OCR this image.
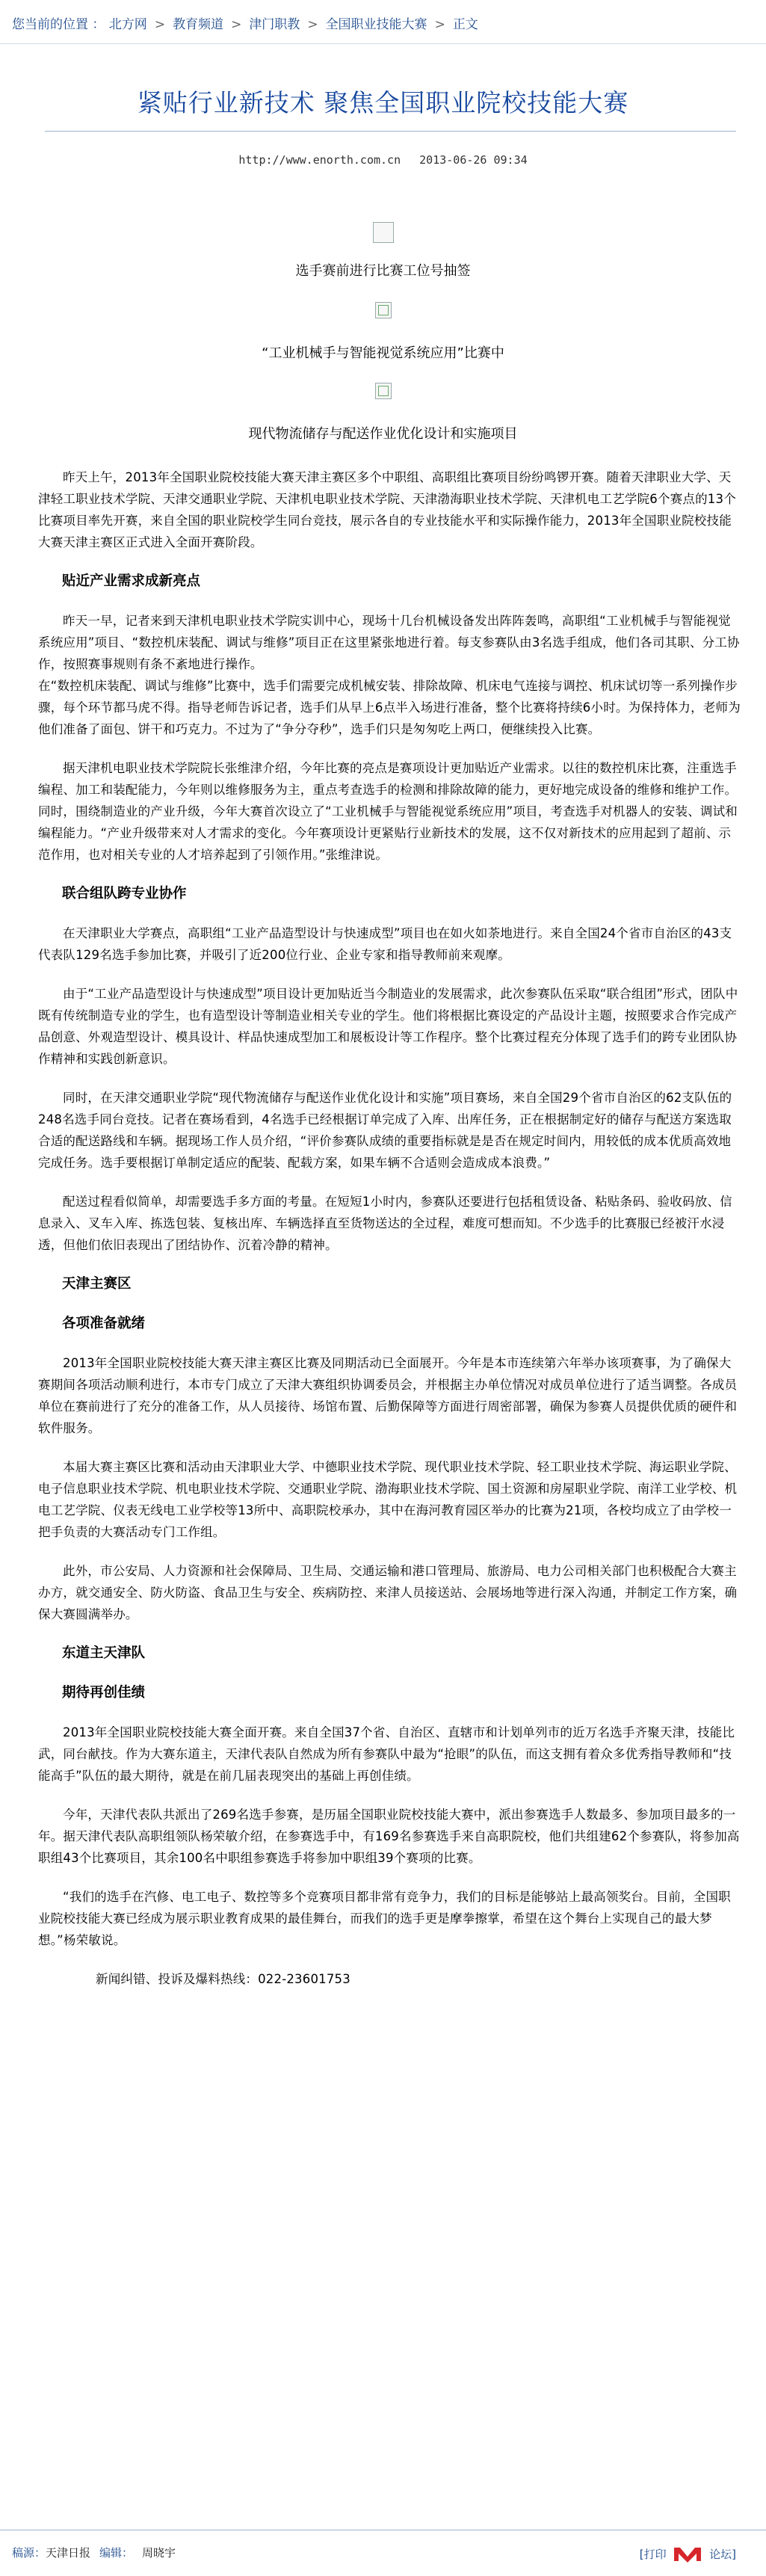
您当前的位置 ： 北方网 > 教育频道 > 津门职教 > 全国职业技能大赛 > 正文
紧贴行业新技术 聚焦全国职业院校技能大赛
http://www.enorth.com.cn 2013-06-26 09:34
选手赛前进行比赛工位号抽签
“工业机械手与智能视觉系统应用”比赛中
现代物流储存与配送作业优化设计和实施项目

昨天上午，2013年全国职业院校技能大赛天津主赛区多个中职组、高职组比赛项目纷纷鸣锣开赛。随着天津职业大学、天津轻工职业技术学院、天津交通职业学院、天津机电职业技术学院、天津渤海职业技术学院、天津机电工艺学院6个赛点的13个比赛项目率先开赛，来自全国的职业院校学生同台竞技，展示各自的专业技能水平和实际操作能力，2013年全国职业院校技能大赛天津主赛区正式进入全面开赛阶段。

贴近产业需求成新亮点

昨天一早，记者来到天津机电职业技术学院实训中心，现场十几台机械设备发出阵阵轰鸣，高职组“工业机械手与智能视觉系统应用”项目、“数控机床装配、调试与维修”项目正在这里紧张地进行着。每支参赛队由3名选手组成，他们各司其职、分工协作，按照赛事规则有条不紊地进行操作。

在“数控机床装配、调试与维修”比赛中，选手们需要完成机械安装、排除故障、机床电气连接与调控、机床试切等一系列操作步骤，每个环节都马虎不得。指导老师告诉记者，选手们从早上6点半入场进行准备，整个比赛将持续6小时。为保持体力，老师为他们准备了面包、饼干和巧克力。不过为了“争分夺秒”，选手们只是匆匆吃上两口，便继续投入比赛。

据天津机电职业技术学院院长张维津介绍，今年比赛的亮点是赛项设计更加贴近产业需求。以往的数控机床比赛，注重选手编程、加工和装配能力，今年则以维修服务为主，重点考查选手的检测和排除故障的能力，更好地完成设备的维修和维护工作。同时，围绕制造业的产业升级，今年大赛首次设立了“工业机械手与智能视觉系统应用”项目，考查选手对机器人的安装、调试和编程能力。“产业升级带来对人才需求的变化。今年赛项设计更紧贴行业新技术的发展，这不仅对新技术的应用起到了超前、示范作用，也对相关专业的人才培养起到了引领作用。”张维津说。

联合组队跨专业协作

在天津职业大学赛点，高职组“工业产品造型设计与快速成型”项目也在如火如荼地进行。来自全国24个省市自治区的43支代表队129名选手参加比赛，并吸引了近200位行业、企业专家和指导教师前来观摩。

由于“工业产品造型设计与快速成型”项目设计更加贴近当今制造业的发展需求，此次参赛队伍采取“联合组团”形式，团队中既有传统制造专业的学生，也有造型设计等制造业相关专业的学生。他们将根据比赛设定的产品设计主题，按照要求合作完成产品创意、外观造型设计、模具设计、样品快速成型加工和展板设计等工作程序。整个比赛过程充分体现了选手们的跨专业团队协作精神和实践创新意识。

同时，在天津交通职业学院“现代物流储存与配送作业优化设计和实施”项目赛场，来自全国29个省市自治区的62支队伍的248名选手同台竞技。记者在赛场看到，4名选手已经根据订单完成了入库、出库任务，正在根据制定好的储存与配送方案选取合适的配送路线和车辆。据现场工作人员介绍，“评价参赛队成绩的重要指标就是是否在规定时间内，用较低的成本优质高效地完成任务。选手要根据订单制定适应的配装、配载方案，如果车辆不合适则会造成成本浪费。”

配送过程看似简单，却需要选手多方面的考量。在短短1小时内，参赛队还要进行包括租赁设备、粘贴条码、验收码放、信息录入、叉车入库、拣选包装、复核出库、车辆选择直至货物送达的全过程，难度可想而知。不少选手的比赛服已经被汗水浸透，但他们依旧表现出了团结协作、沉着冷静的精神。

天津主赛区
各项准备就绪

2013年全国职业院校技能大赛天津主赛区比赛及同期活动已全面展开。今年是本市连续第六年举办该项赛事，为了确保大赛期间各项活动顺利进行，本市专门成立了天津大赛组织协调委员会，并根据主办单位情况对成员单位进行了适当调整。各成员单位在赛前进行了充分的准备工作，从人员接待、场馆布置、后勤保障等方面进行周密部署，确保为参赛人员提供优质的硬件和软件服务。

本届大赛主赛区比赛和活动由天津职业大学、中德职业技术学院、现代职业技术学院、轻工职业技术学院、海运职业学院、电子信息职业技术学院、机电职业技术学院、交通职业学院、渤海职业技术学院、国土资源和房屋职业学院、南洋工业学校、机电工艺学院、仪表无线电工业学校等13所中、高职院校承办，其中在海河教育园区举办的比赛为21项，各校均成立了由学校一把手负责的大赛活动专门工作组。

此外，市公安局、人力资源和社会保障局、卫生局、交通运输和港口管理局、旅游局、电力公司相关部门也积极配合大赛主办方，就交通安全、防火防盗、食品卫生与安全、疾病防控、来津人员接送站、会展场地等进行深入沟通，并制定工作方案，确保大赛圆满举办。

东道主天津队
期待再创佳绩

2013年全国职业院校技能大赛全面开赛。来自全国37个省、自治区、直辖市和计划单列市的近万名选手齐聚天津，技能比武，同台献技。作为大赛东道主，天津代表队自然成为所有参赛队中最为“抢眼”的队伍，而这支拥有着众多优秀指导教师和“技能高手”队伍的最大期待，就是在前几届表现突出的基础上再创佳绩。

今年，天津代表队共派出了269名选手参赛，是历届全国职业院校技能大赛中，派出参赛选手人数最多、参加项目最多的一年。据天津代表队高职组领队杨荣敏介绍，在参赛选手中，有169名参赛选手来自高职院校，他们共组建62个参赛队，将参加高职组43个比赛项目，其余100名中职组参赛选手将参加中职组39个赛项的比赛。

“我们的选手在汽修、电工电子、数控等多个竞赛项目都非常有竞争力，我们的目标是能够站上最高领奖台。目前，全国职业院校技能大赛已经成为展示职业教育成果的最佳舞台，而我们的选手更是摩拳擦掌，希望在这个舞台上实现自己的最大梦想。”杨荣敏说。

新闻纠错、投诉及爆料热线：022-23601753

稿源：天津日报 编辑： 周晓宇	[打印	论坛]
